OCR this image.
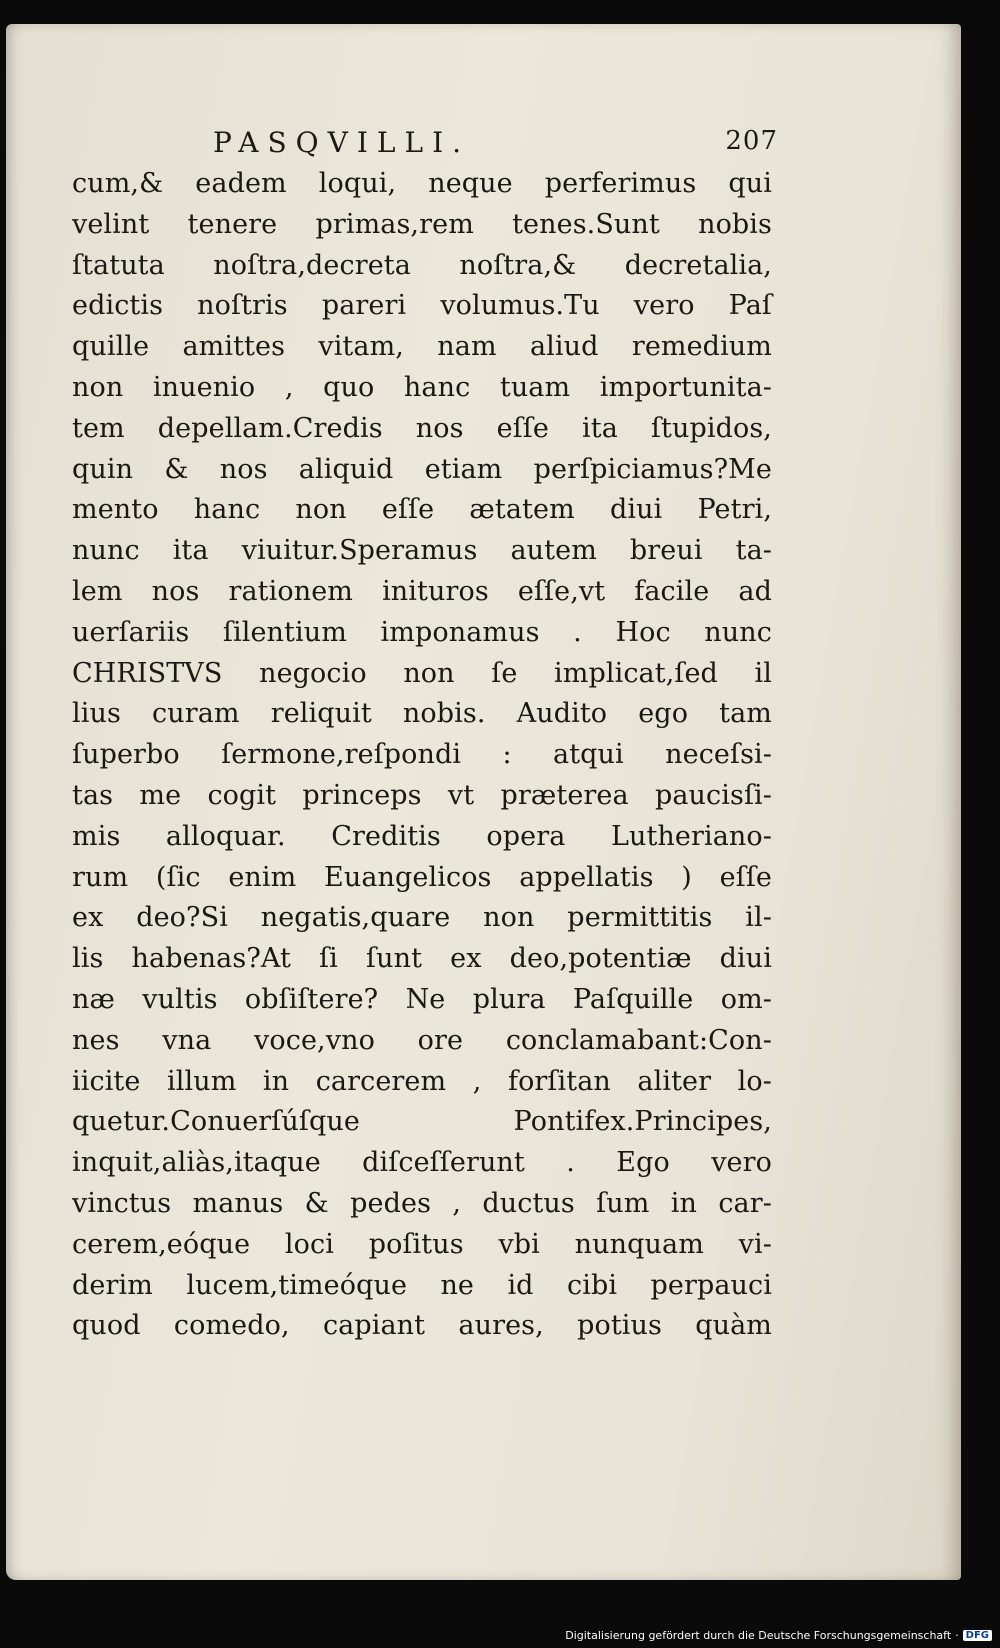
PASQVILLI.	207
cum,& eadem loqui, neque perferimus qui
velint tenere primas,rem tenes.Sunt nobis
ſtatuta noſtra,decreta noſtra,& decretalia,
edictis noſtris pareri volumus.Tu vero Paſ
quille amittes vitam, nam aliud remedium
non inuenio , quo hanc tuam importunita-
tem depellam.Credis nos eſſe ita ſtupidos,
quin & nos aliquid etiam perſpiciamus?Me
mento hanc non eſſe ætatem diui Petri,
nunc ita viuitur.Speramus autem breui ta-
lem nos rationem inituros eſſe,vt facile ad
uerſariis ſilentium imponamus . Hoc nunc
CHRISTVS negocio non ſe implicat,ſed il
lius curam reliquit nobis. Audito ego tam
ſuperbo ſermone,reſpondi : atqui neceſsi-
tas me cogit princeps vt præterea paucisſi-
mis alloquar. Creditis opera Lutheriano-
rum (ſic enim Euangelicos appellatis ) eſſe
ex deo?Si negatis,quare non permittitis il-
lis habenas?At ſi ſunt ex deo,potentiæ diui
næ vultis obſiſtere? Ne plura Paſquille om-
nes vna voce,vno ore conclamabant:Con-
iicite illum in carcerem , forſitan aliter lo-
quetur.Conuerſúſque Pontifex.Principes,
inquit,aliàs,itaque diſceſſerunt . Ego vero
vinctus manus & pedes , ductus ſum in car-
cerem,eóque loci poſitus vbi nunquam vi-
derim lucem,timeóque ne id cibi perpauci
quod comedo, capiant aures, potius quàm
Digitalisierung gefördert durch die Deutsche Forschungsgemeinschaft · DFG
